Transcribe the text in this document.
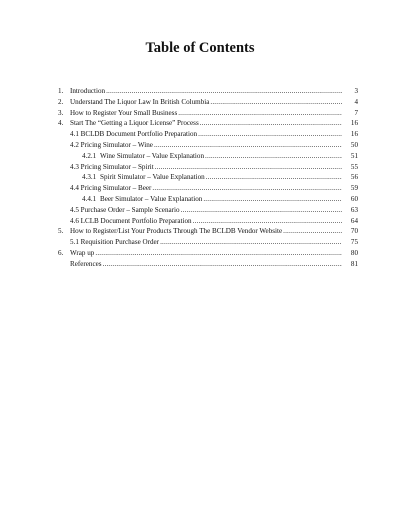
Table of Contents
1. Introduction .....	3
2. Understand The Liquor Law In British Columbia .....	4
3. How to Register Your Small Business .....	7
4. Start The “Getting a Liquor License” Process .....	16
4.1 BCLDB Document Portfolio Preparation .....	16
4.2 Pricing Simulator – Wine .....	50
4.2.1 Wine Simulator – Value Explanation .....	51
4.3 Pricing Simulator – Spirit .....	55
4.3.1 Spirit Simulator – Value Explanation .....	56
4.4 Pricing Simulator – Beer .....	59
4.4.1 Beer Simulator – Value Explanation .....	60
4.5 Purchase Order – Sample Scenario .....	63
4.6 LCLB Document Portfolio Preparation .....	64
5. How to Register/List Your Products Through The BCLDB Vendor Website .....	70
5.1 Requisition Purchase Order .....	75
6. Wrap up .....	80
References .....	81
